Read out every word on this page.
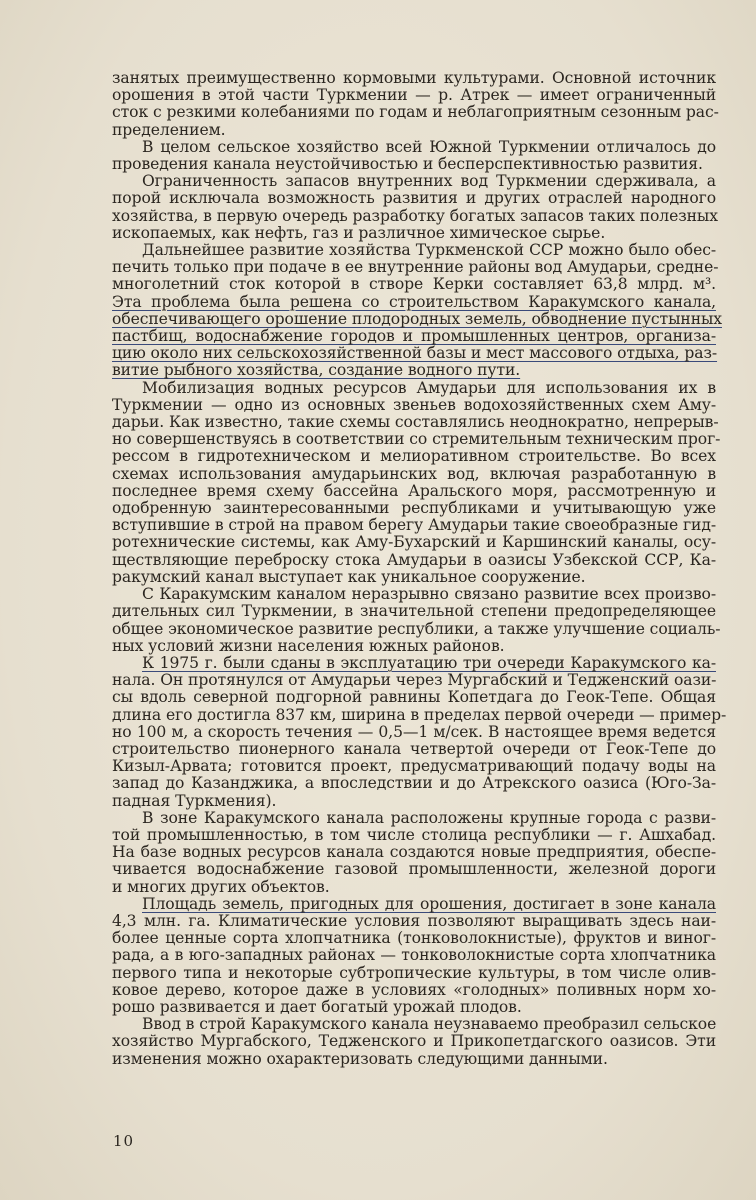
занятых преимущественно кормовыми культурами. Основной источник
орошения в этой части Туркмении — р. Атрек — имеет ограниченный
сток с резкими колебаниями по годам и неблагоприятным сезонным рас-
пределением.

В целом сельское хозяйство всей Южной Туркмении отличалось до
проведения канала неустойчивостью и бесперспективностью развития.

Ограниченность запасов внутренних вод Туркмении сдерживала, а
порой исключала возможность развития и других отраслей народного
хозяйства, в первую очередь разработку богатых запасов таких полезных
ископаемых, как нефть, газ и различное химическое сырье.

Дальнейшее развитие хозяйства Туркменской ССР можно было обес-
печить только при подаче в ее внутренние районы вод Амударьи, средне-
многолетний сток которой в створе Керки составляет 63,8 млрд. м³.
Эта проблема была решена со строительством Каракумского канала,
обеспечивающего орошение плодородных земель, обводнение пустынных
пастбищ, водоснабжение городов и промышленных центров, организа-
цию около них сельскохозяйственной базы и мест массового отдыха, раз-
витие рыбного хозяйства, создание водного пути.

Мобилизация водных ресурсов Амударьи для использования их в
Туркмении — одно из основных звеньев водохозяйственных схем Аму-
дарьи. Как известно, такие схемы составлялись неоднократно, непрерыв-
но совершенствуясь в соответствии со стремительным техническим прог-
рессом в гидротехническом и мелиоративном строительстве. Во всех
схемах использования амударьинских вод, включая разработанную в
последнее время схему бассейна Аральского моря, рассмотренную и
одобренную заинтересованными республиками и учитывающую уже
вступившие в строй на правом берегу Амударьи такие своеобразные гид-
ротехнические системы, как Аму-Бухарский и Каршинский каналы, осу-
ществляющие переброску стока Амударьи в оазисы Узбекской ССР, Ка-
ракумский канал выступает как уникальное сооружение.

С Каракумским каналом неразрывно связано развитие всех произво-
дительных сил Туркмении, в значительной степени предопределяющее
общее экономическое развитие республики, а также улучшение социаль-
ных условий жизни населения южных районов.

К 1975 г. были сданы в эксплуатацию три очереди Каракумского ка-
нала. Он протянулся от Амударьи через Мургабский и Тедженский оази-
сы вдоль северной подгорной равнины Копетдага до Геок-Тепе. Общая
длина его достигла 837 км, ширина в пределах первой очереди — пример-
но 100 м, а скорость течения — 0,5—1 м/сек. В настоящее время ведется
строительство пионерного канала четвертой очереди от Геок-Тепе до
Кизыл-Арвата; готовится проект, предусматривающий подачу воды на
запад до Казанджика, а впоследствии и до Атрекского оазиса (Юго-За-
падная Туркмения).

В зоне Каракумского канала расположены крупные города с разви-
той промышленностью, в том числе столица республики — г. Ашхабад.
На базе водных ресурсов канала создаются новые предприятия, обеспе-
чивается водоснабжение газовой промышленности, железной дороги
и многих других объектов.

Площадь земель, пригодных для орошения, достигает в зоне канала
4,3 млн. га. Климатические условия позволяют выращивать здесь наи-
более ценные сорта хлопчатника (тонковолокнистые), фруктов и виног-
рада, а в юго-западных районах — тонковолокнистые сорта хлопчатника
первого типа и некоторые субтропические культуры, в том числе олив-
ковое дерево, которое даже в условиях «голодных» поливных норм хо-
рошо развивается и дает богатый урожай плодов.

Ввод в строй Каракумского канала неузнаваемо преобразил сельское
хозяйство Мургабского, Тедженского и Прикопетдагского оазисов. Эти
изменения можно охарактеризовать следующими данными.

10
